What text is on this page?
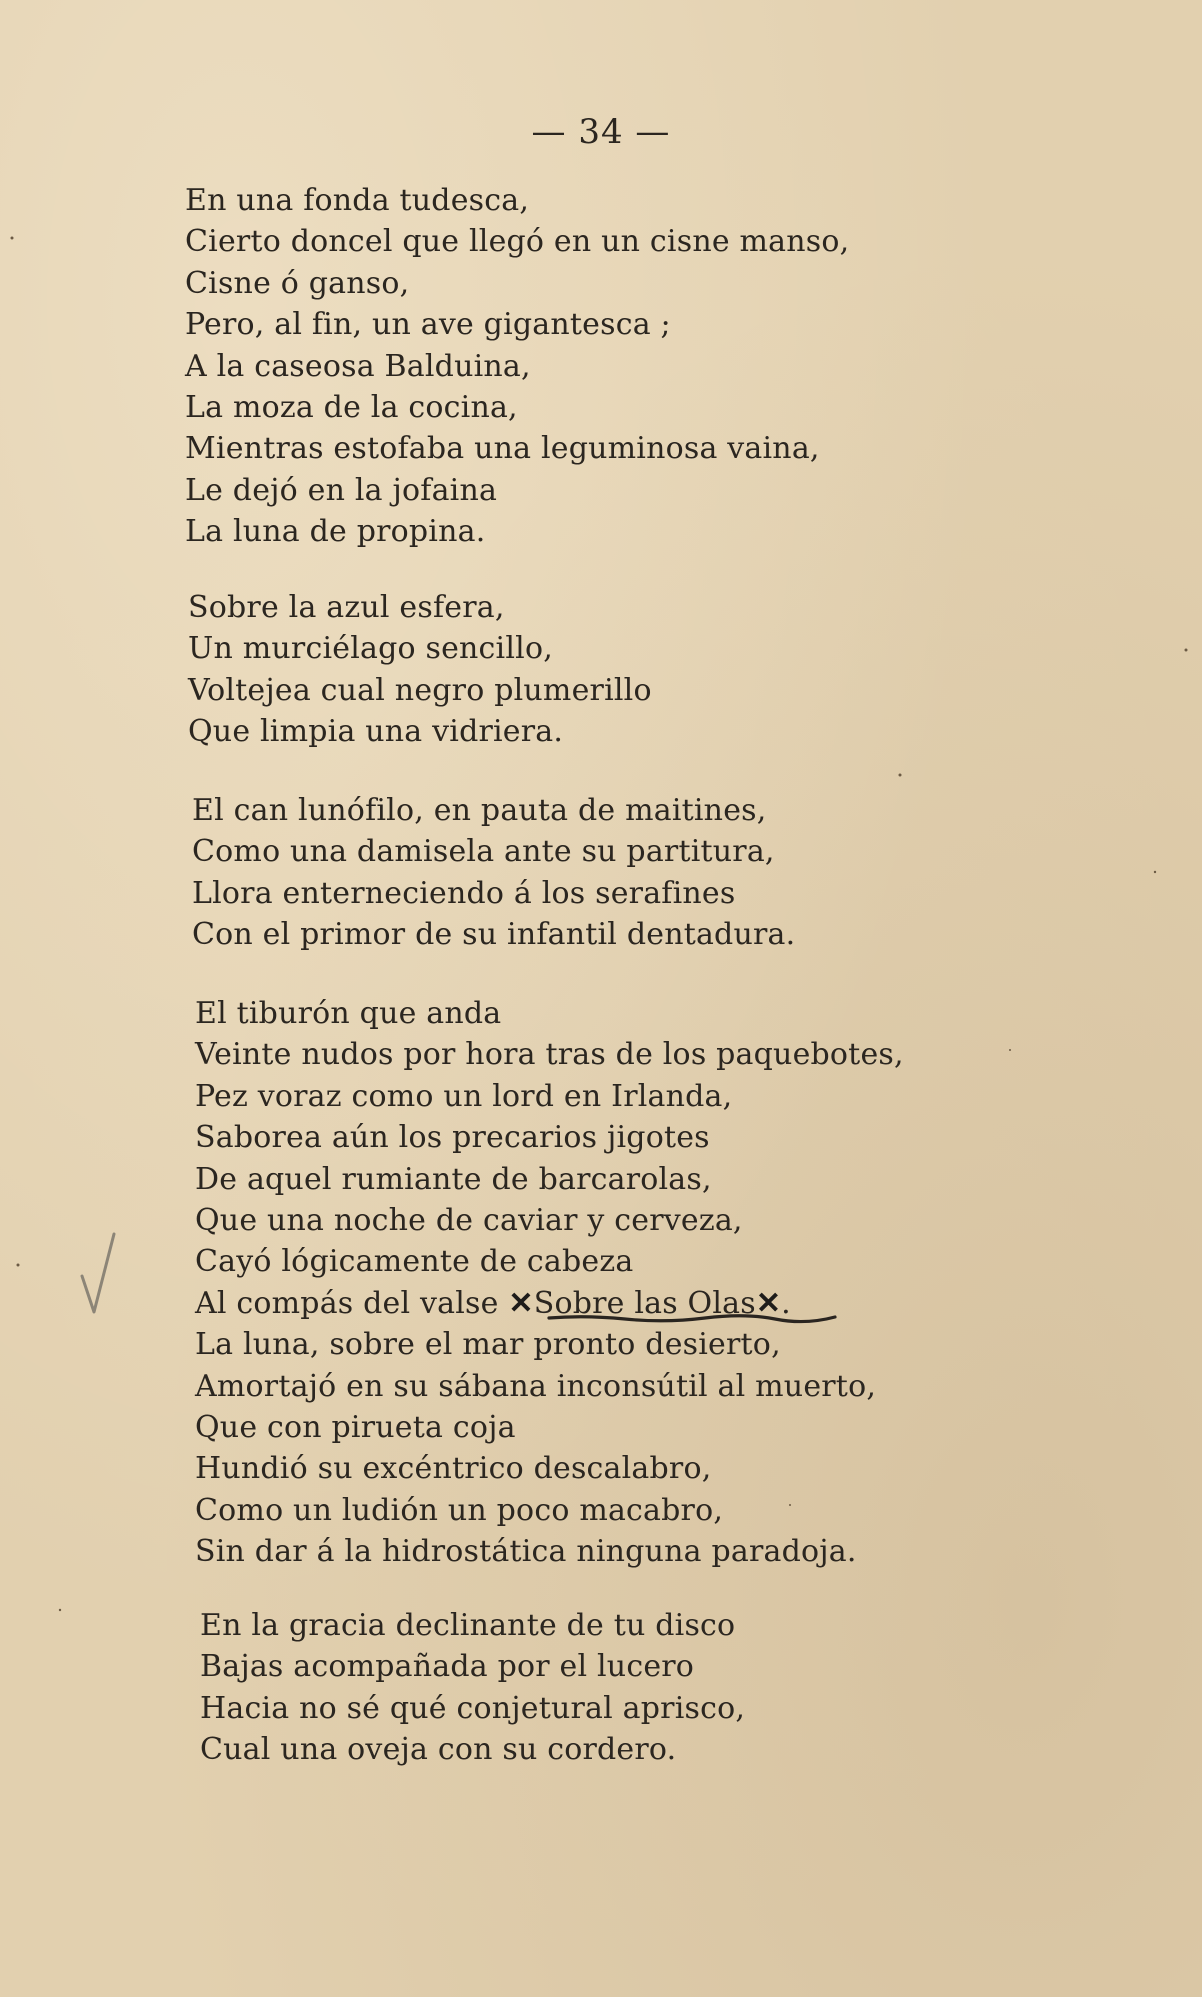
— 34 —
En una fonda tudesca,
Cierto doncel que llegó en un cisne manso,
Cisne ó ganso,
Pero, al fin, un ave gigantesca ;
A la caseosa Balduina,
La moza de la cocina,
Mientras estofaba una leguminosa vaina,
Le dejó en la jofaina
La luna de propina.
Sobre la azul esfera,
Un murciélago sencillo,
Voltejea cual negro plumerillo
Que limpia una vidriera.
El can lunófilo, en pauta de maitines,
Como una damisela ante su partitura,
Llora enterneciendo á los serafines
Con el primor de su infantil dentadura.
El tiburón que anda
Veinte nudos por hora tras de los paquebotes,
Pez voraz como un lord en Irlanda,
Saborea aún los precarios jigotes
De aquel rumiante de barcarolas,
Que una noche de caviar y cerveza,
Cayó lógicamente de cabeza
Al compás del valse ✕Sobre las Olas✕.
La luna, sobre el mar pronto desierto,
Amortajó en su sábana inconsútil al muerto,
Que con pirueta coja
Hundió su excéntrico descalabro,
Como un ludión un poco macabro,
Sin dar á la hidrostática ninguna paradoja.
En la gracia declinante de tu disco
Bajas acompañada por el lucero
Hacia no sé qué conjetural aprisco,
Cual una oveja con su cordero.
